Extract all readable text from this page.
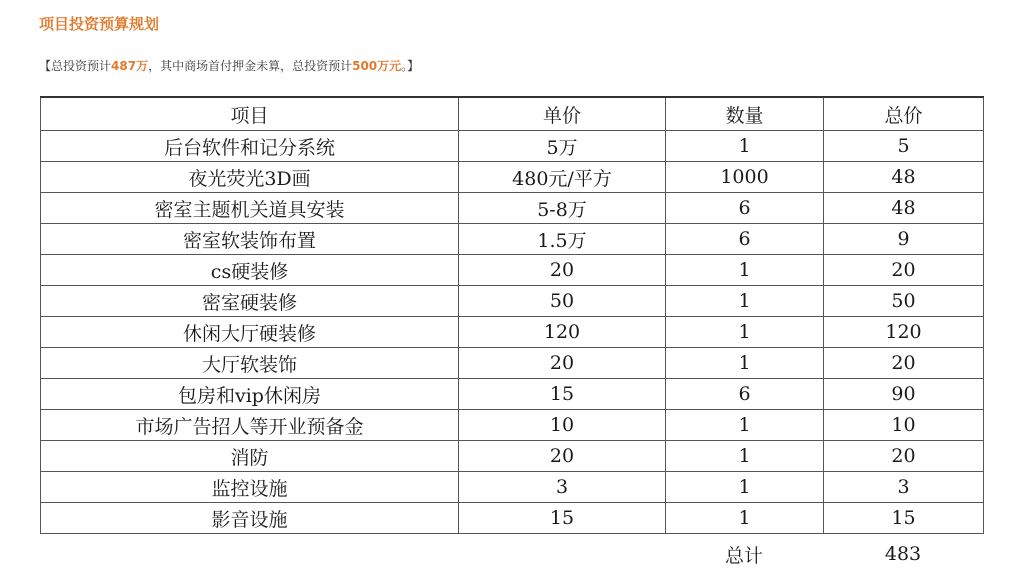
项目投资预算规划
【总投资预计487万，其中商场首付押金未算，总投资预计500万元。】
项目	单价	数量	总价
后台软件和记分系统	5万	1	5
夜光荧光3D画	480元/平方	1000	48
密室主题机关道具安装	5-8万	6	48
密室软装饰布置	1.5万	6	9
cs硬装修	20	1	20
密室硬装修	50	1	50
休闲大厅硬装修	120	1	120
大厅软装饰	20	1	20
包房和vip休闲房	15	6	90
市场广告招人等开业预备金	10	1	10
消防	20	1	20
监控设施	3	1	3
影音设施	15	1	15
总计	483
